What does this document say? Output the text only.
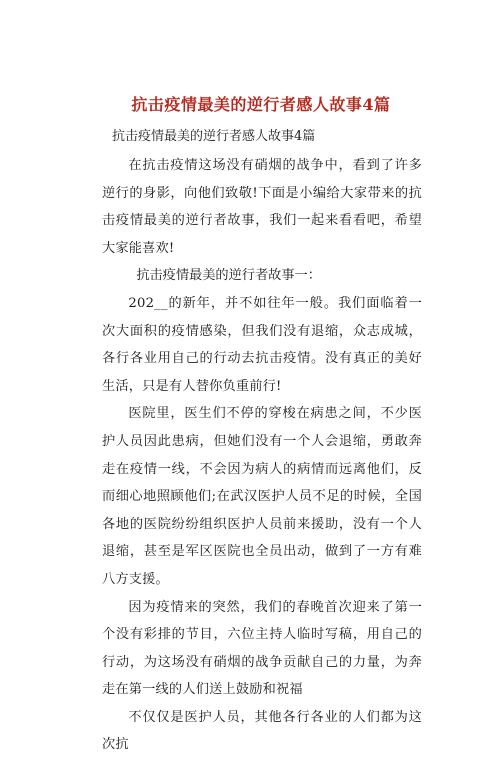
抗击疫情最美的逆行者感人故事4篇

抗击疫情最美的逆行者感人故事4篇

在抗击疫情这场没有硝烟的战争中，看到了许多逆行的身影，向他们致敬!下面是小编给大家带来的抗击疫情最美的逆行者故事，我们一起来看看吧，希望大家能喜欢!

抗击疫情最美的逆行者故事一：

202__的新年，并不如往年一般。我们面临着一次大面积的疫情感染，但我们没有退缩，众志成城，各行各业用自己的行动去抗击疫情。没有真正的美好生活，只是有人替你负重前行!

医院里，医生们不停的穿梭在病患之间，不少医护人员因此患病，但她们没有一个人会退缩，勇敢奔走在疫情一线，不会因为病人的病情而远离他们，反而细心地照顾他们;在武汉医护人员不足的时候，全国各地的医院纷纷组织医护人员前来援助，没有一个人退缩，甚至是军区医院也全员出动，做到了一方有难八方支援。

因为疫情来的突然，我们的春晚首次迎来了第一个没有彩排的节目，六位主持人临时写稿，用自己的行动，为这场没有硝烟的战争贡献自己的力量，为奔走在第一线的人们送上鼓励和祝福

不仅仅是医护人员，其他各行各业的人们都为这次抗
